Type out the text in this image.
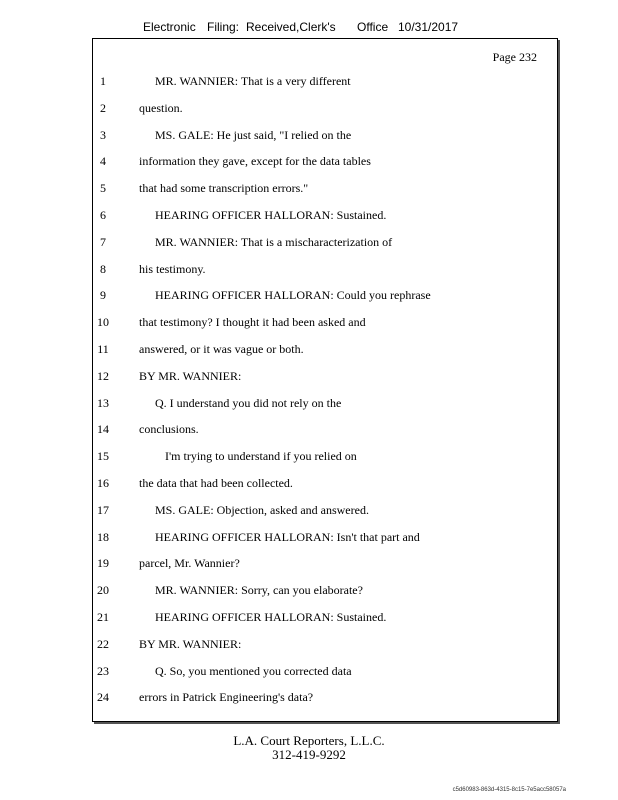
Electronic Filing: Received,Clerk's Office 10/31/2017
Page 232
1	MR. WANNIER: That is a very different
2	question.
3	MS. GALE: He just said, "I relied on the
4	information they gave, except for the data tables
5	that had some transcription errors."
6	HEARING OFFICER HALLORAN: Sustained.
7	MR. WANNIER: That is a mischaracterization of
8	his testimony.
9	HEARING OFFICER HALLORAN: Could you rephrase
10	that testimony? I thought it had been asked and
11	answered, or it was vague or both.
12	BY MR. WANNIER:
13	Q. I understand you did not rely on the
14	conclusions.
15	I'm trying to understand if you relied on
16	the data that had been collected.
17	MS. GALE: Objection, asked and answered.
18	HEARING OFFICER HALLORAN: Isn't that part and
19	parcel, Mr. Wannier?
20	MR. WANNIER: Sorry, can you elaborate?
21	HEARING OFFICER HALLORAN: Sustained.
22	BY MR. WANNIER:
23	Q. So, you mentioned you corrected data
24	errors in Patrick Engineering's data?
L.A. Court Reporters, L.L.C.
312-419-9292
c5d60983-863d-4315-8c15-7e5acc58057a
